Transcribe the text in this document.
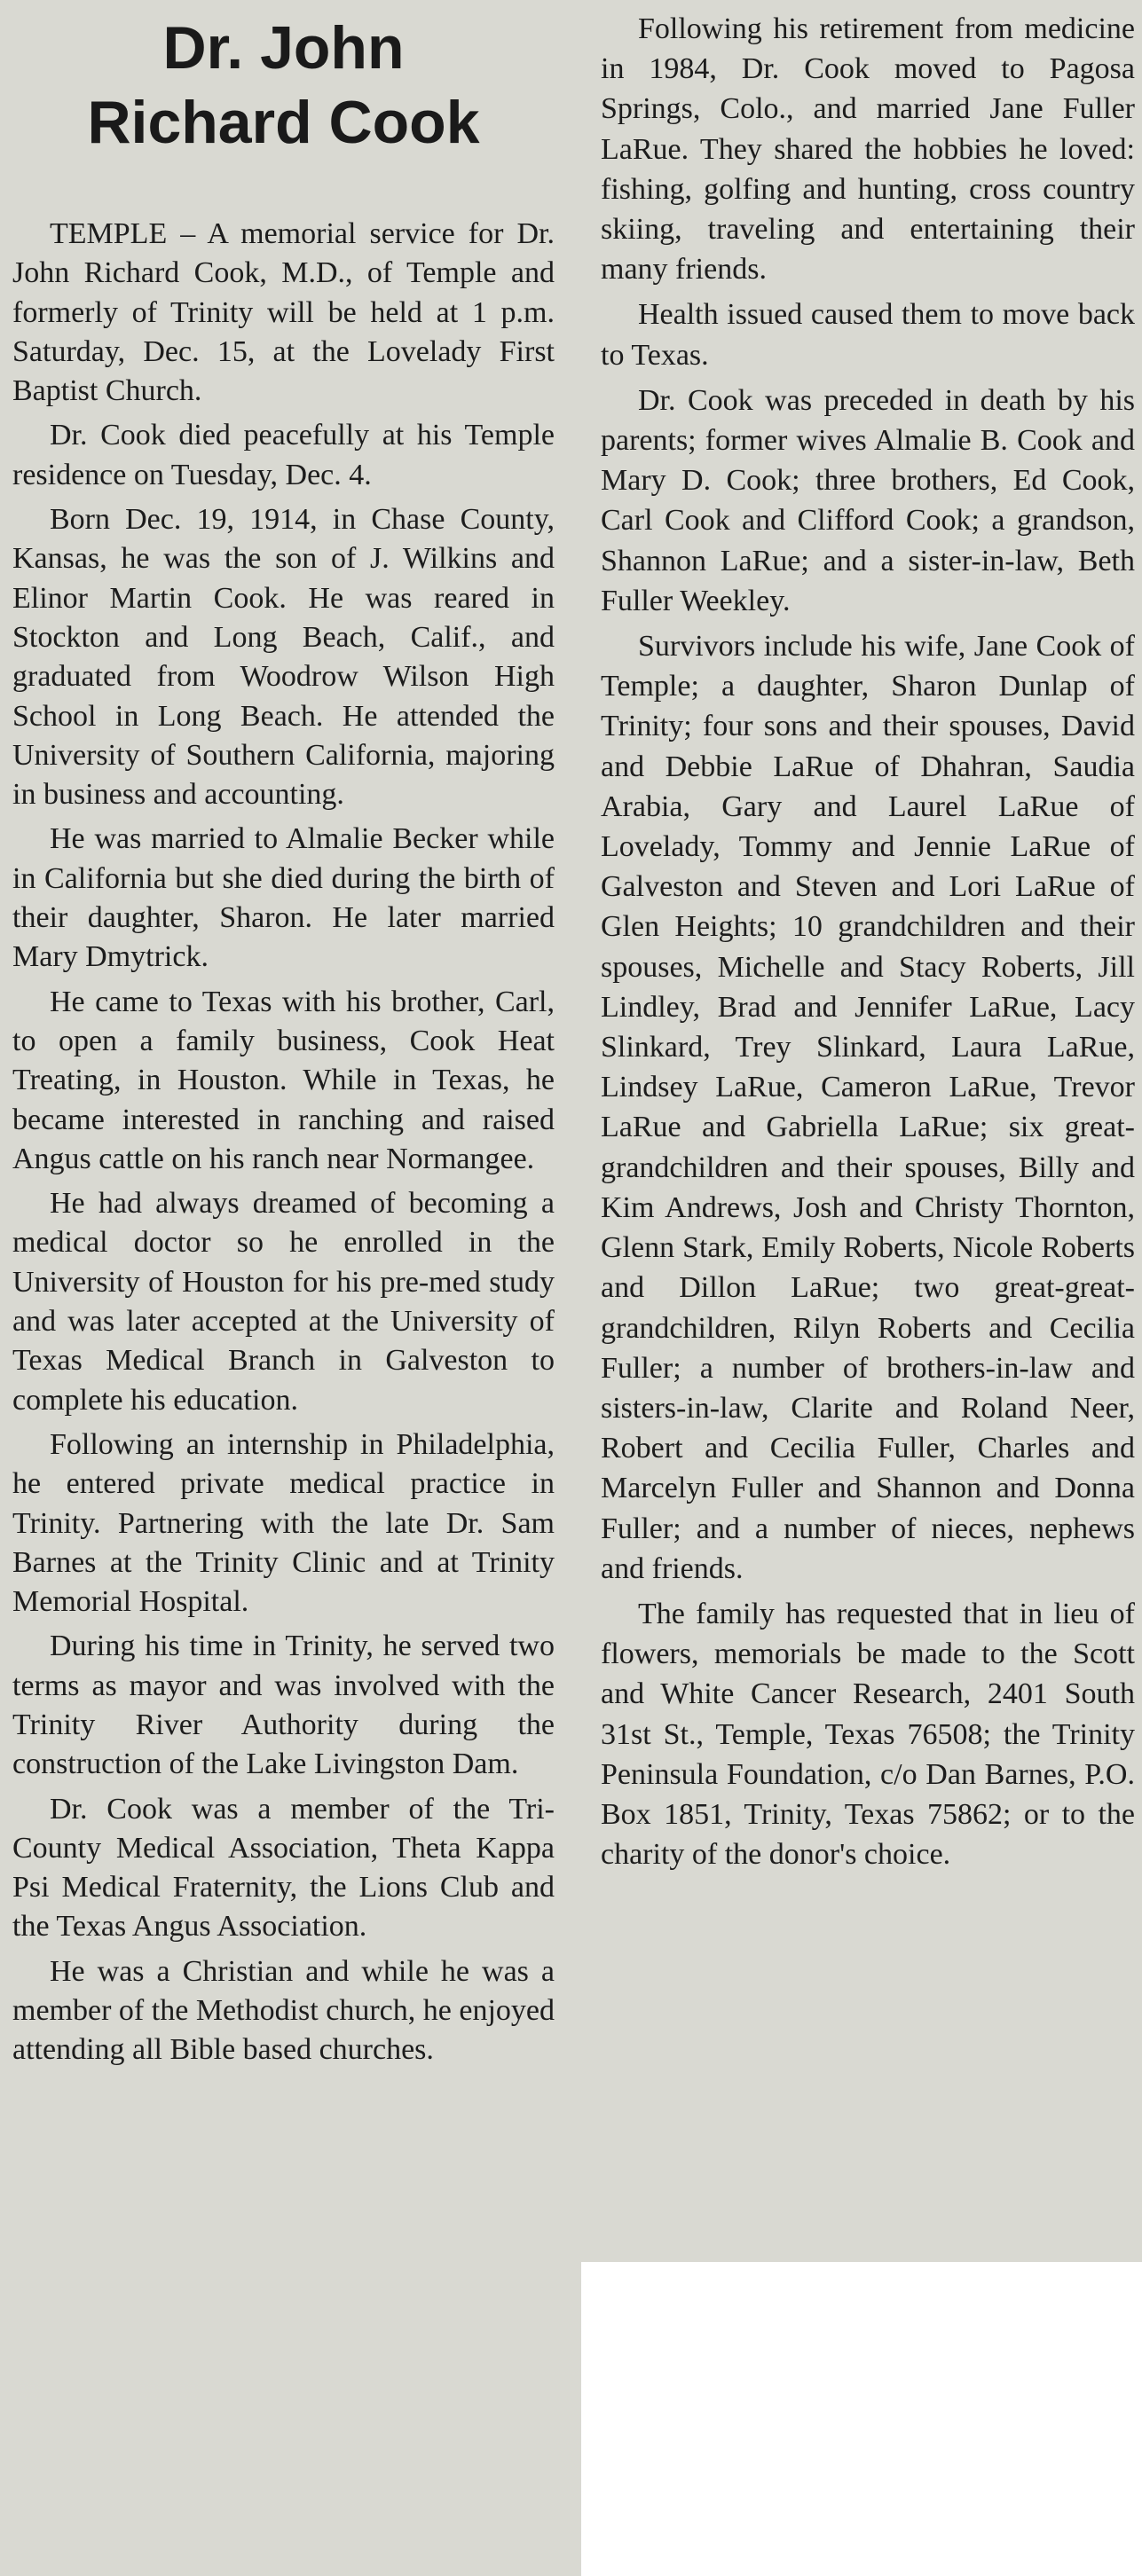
Dr. John
Richard Cook

TEMPLE – A memorial service for Dr. John Richard Cook, M.D., of Temple and formerly of Trinity will be held at 1 p.m. Saturday, Dec. 15, at the Lovelady First Baptist Church.

Dr. Cook died peacefully at his Temple residence on Tuesday, Dec. 4.

Born Dec. 19, 1914, in Chase County, Kansas, he was the son of J. Wilkins and Elinor Martin Cook. He was reared in Stockton and Long Beach, Calif., and graduated from Woodrow Wilson High School in Long Beach. He attended the University of Southern California, majoring in business and accounting.

He was married to Almalie Becker while in California but she died during the birth of their daughter, Sharon. He later married Mary Dmytrick.

He came to Texas with his brother, Carl, to open a family business, Cook Heat Treating, in Houston. While in Texas, he became interested in ranching and raised Angus cattle on his ranch near Normangee.

He had always dreamed of becoming a medical doctor so he enrolled in the University of Houston for his pre-med study and was later accepted at the University of Texas Medical Branch in Galveston to complete his education.

Following an internship in Philadelphia, he entered private medical practice in Trinity. Partnering with the late Dr. Sam Barnes at the Trinity Clinic and at Trinity Memorial Hospital.

During his time in Trinity, he served two terms as mayor and was involved with the Trinity River Authority during the construction of the Lake Livingston Dam.

Dr. Cook was a member of the Tri-County Medical Association, Theta Kappa Psi Medical Fraternity, the Lions Club and the Texas Angus Association.

He was a Christian and while he was a member of the Methodist church, he enjoyed attending all Bible based churches.

Following his retirement from medicine in 1984, Dr. Cook moved to Pagosa Springs, Colo., and married Jane Fuller LaRue. They shared the hobbies he loved: fishing, golfing and hunting, cross country skiing, traveling and entertaining their many friends.

Health issued caused them to move back to Texas.

Dr. Cook was preceded in death by his parents; former wives Almalie B. Cook and Mary D. Cook; three brothers, Ed Cook, Carl Cook and Clifford Cook; a grandson, Shannon LaRue; and a sister-in-law, Beth Fuller Weekley.

Survivors include his wife, Jane Cook of Temple; a daughter, Sharon Dunlap of Trinity; four sons and their spouses, David and Debbie LaRue of Dhahran, Saudia Arabia, Gary and Laurel LaRue of Lovelady, Tommy and Jennie LaRue of Galveston and Steven and Lori LaRue of Glen Heights; 10 grandchildren and their spouses, Michelle and Stacy Roberts, Jill Lindley, Brad and Jennifer LaRue, Lacy Slinkard, Trey Slinkard, Laura LaRue, Lindsey LaRue, Cameron LaRue, Trevor LaRue and Gabriella LaRue; six great-grandchildren and their spouses, Billy and Kim Andrews, Josh and Christy Thornton, Glenn Stark, Emily Roberts, Nicole Roberts and Dillon LaRue; two great-great-grandchildren, Rilyn Roberts and Cecilia Fuller; a number of brothers-in-law and sisters-in-law, Clarite and Roland Neer, Robert and Cecilia Fuller, Charles and Marcelyn Fuller and Shannon and Donna Fuller; and a number of nieces, nephews and friends.

The family has requested that in lieu of flowers, memorials be made to the Scott and White Cancer Research, 2401 South 31st St., Temple, Texas 76508; the Trinity Peninsula Foundation, c/o Dan Barnes, P.O. Box 1851, Trinity, Texas 75862; or to the charity of the donor's choice.
